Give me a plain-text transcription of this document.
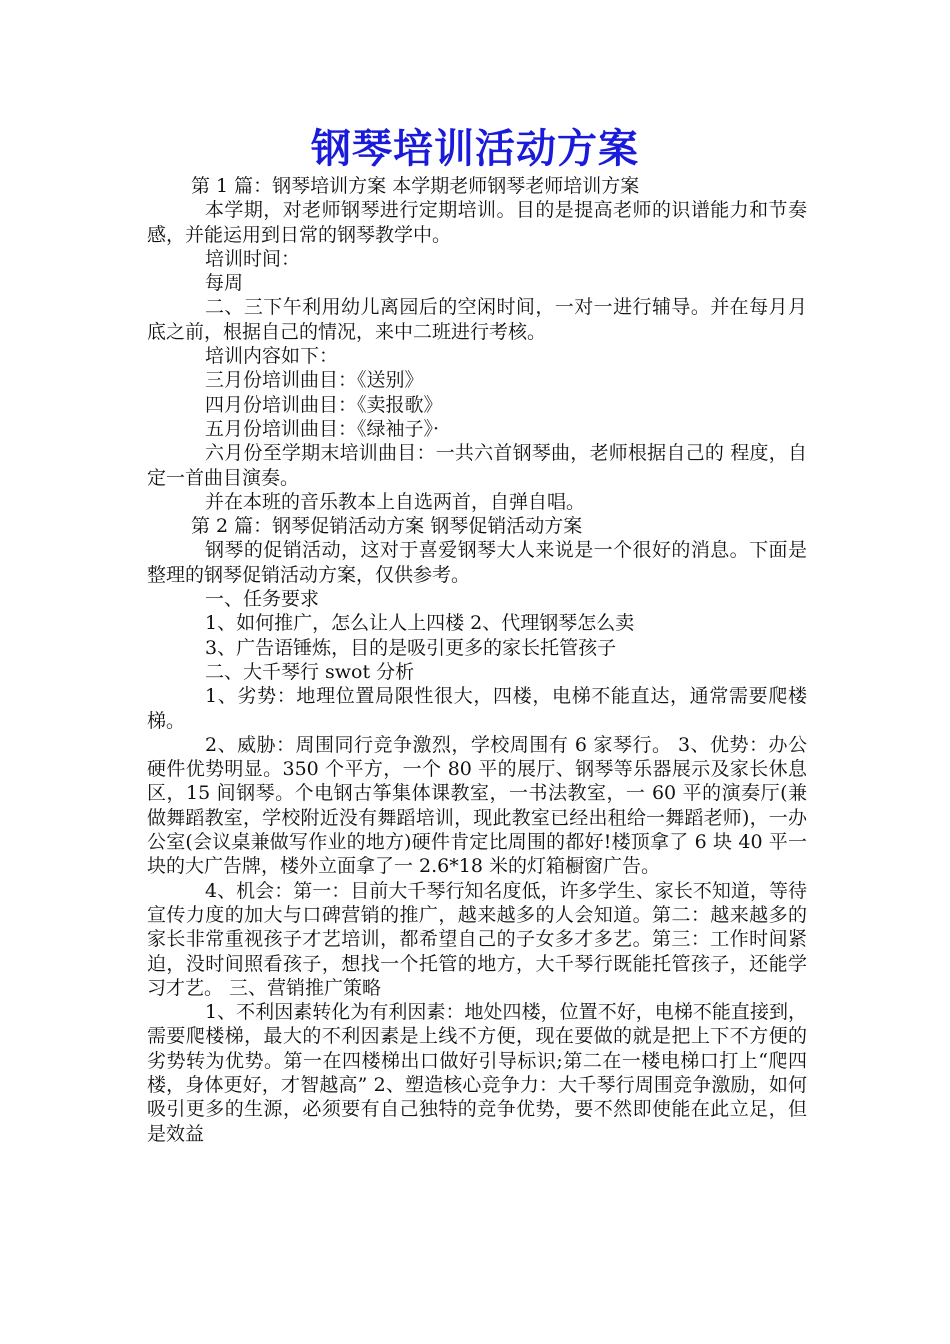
钢琴培训活动方案

第 1 篇：钢琴培训方案 本学期老师钢琴老师培训方案

本学期，对老师钢琴进行定期培训。目的是提高老师的识谱能力和节奏感，并能运用到日常的钢琴教学中。

培训时间：

每周

二、三下午利用幼儿离园后的空闲时间，一对一进行辅导。并在每月月底之前，根据自己的情况，来中二班进行考核。

培训内容如下：

三月份培训曲目：《送别》

四月份培训曲目：《卖报歌》

五月份培训曲目：《绿袖子》·

六月份至学期末培训曲目：一共六首钢琴曲，老师根据自己的 程度，自定一首曲目演奏。

并在本班的音乐教本上自选两首，自弹自唱。

第 2 篇：钢琴促销活动方案 钢琴促销活动方案

钢琴的促销活动，这对于喜爱钢琴大人来说是一个很好的消息。下面是整理的钢琴促销活动方案，仅供参考。

一、任务要求

1、如何推广，怎么让人上四楼 2、代理钢琴怎么卖

3、广告语锤炼，目的是吸引更多的家长托管孩子

二、大千琴行 swot 分析

1、劣势：地理位置局限性很大，四楼，电梯不能直达，通常需要爬楼梯。

2、威胁：周围同行竞争激烈，学校周围有 6 家琴行。 3、优势：办公硬件优势明显。350 个平方，一个 80 平的展厅、钢琴等乐器展示及家长休息区，15 间钢琴。个电钢古筝集体课教室，一书法教室，一 60 平的演奏厅(兼做舞蹈教室，学校附近没有舞蹈培训，现此教室已经出租给一舞蹈老师)，一办公室(会议桌兼做写作业的地方)硬件肯定比周围的都好!楼顶拿了 6 块 40 平一块的大广告牌，楼外立面拿了一 2.6*18 米的灯箱橱窗广告。

4、机会：第一：目前大千琴行知名度低，许多学生、家长不知道，等待宣传力度的加大与口碑营销的推广，越来越多的人会知道。第二：越来越多的家长非常重视孩子才艺培训，都希望自己的子女多才多艺。第三：工作时间紧迫，没时间照看孩子，想找一个托管的地方，大千琴行既能托管孩子，还能学习才艺。 三、营销推广策略

1、不利因素转化为有利因素：地处四楼，位置不好，电梯不能直接到，需要爬楼梯，最大的不利因素是上线不方便，现在要做的就是把上下不方便的劣势转为优势。第一在四楼梯出口做好引导标识;第二在一楼电梯口打上“爬四楼，身体更好，才智越高” 2、塑造核心竞争力：大千琴行周围竞争激励，如何吸引更多的生源，必须要有自己独特的竞争优势，要不然即使能在此立足，但是效益
